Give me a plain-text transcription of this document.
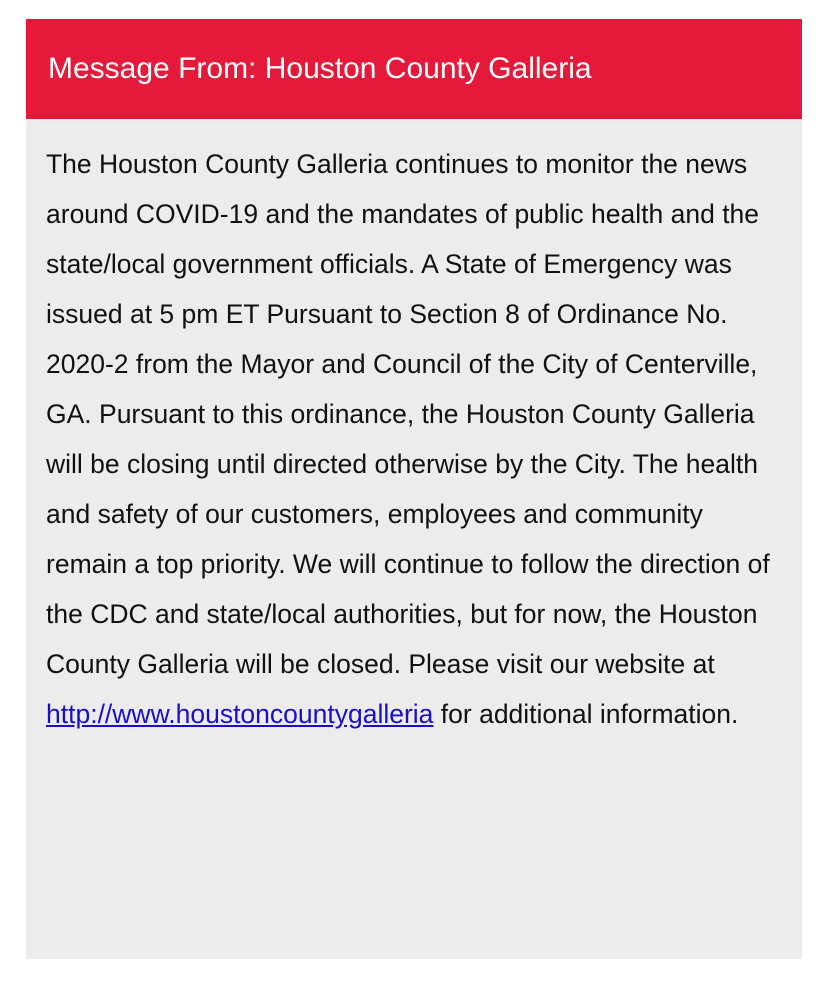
Message From: Houston County Galleria
The Houston County Galleria continues to monitor the news around COVID-19 and the mandates of public health and the state/local government officials. A State of Emergency was issued at 5 pm ET Pursuant to Section 8 of Ordinance No. 2020-2 from the Mayor and Council of the City of Centerville, GA. Pursuant to this ordinance, the Houston County Galleria will be closing until directed otherwise by the City. The health and safety of our customers, employees and community remain a top priority. We will continue to follow the direction of the CDC and state/local authorities, but for now, the Houston County Galleria will be closed. Please visit our website at
http://www.houstoncountygalleria for additional information.
